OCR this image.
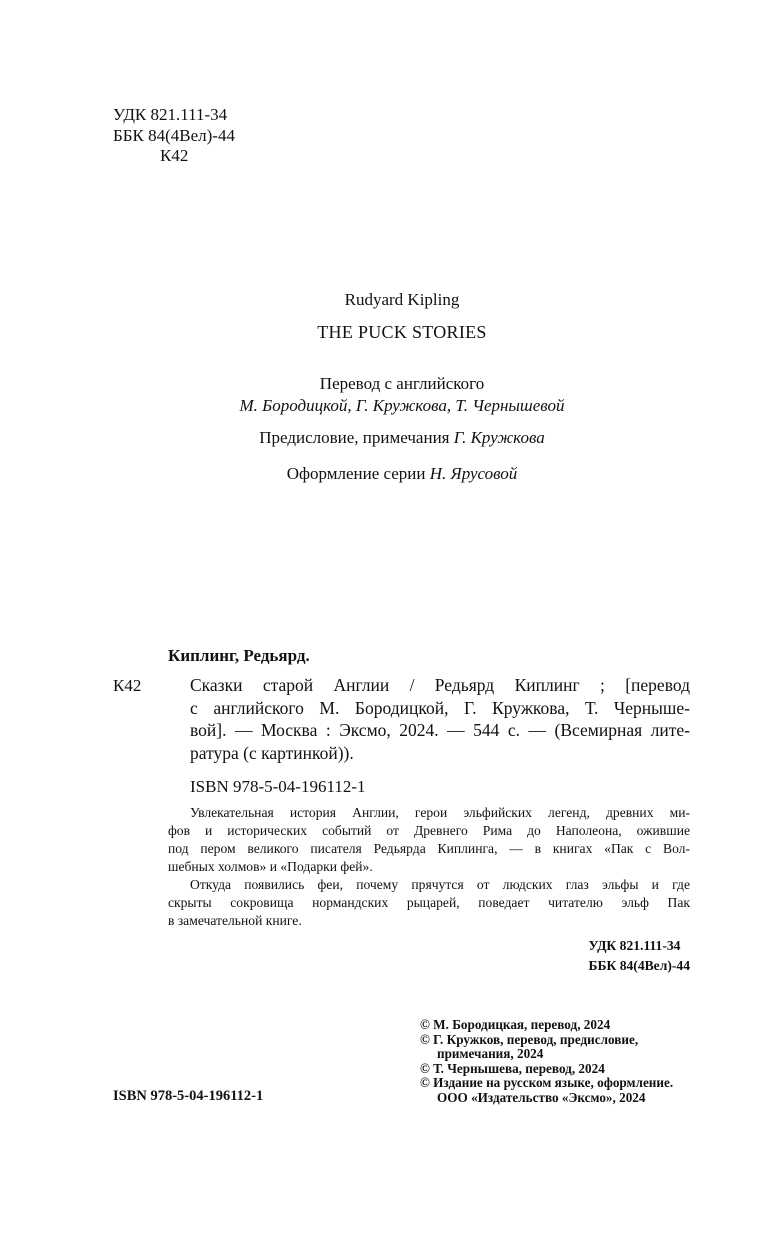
УДК 821.111-34
ББК 84(4Вел)-44
К42
Rudyard Kipling
THE PUCK STORIES
Перевод с английского
М. Бородицкой, Г. Кружкова, Т. Чернышевой
Предисловие, примечания Г. Кружкова
Оформление серии Н. Ярусовой
Киплинг, Редьярд.
К42	Сказки старой Англии / Редьярд Киплинг ; [перевод
с английского М. Бородицкой, Г. Кружкова, Т. Черныше-
вой]. — Москва : Эксмо, 2024. — 544 с. — (Всемирная лите-
ратура (с картинкой)).
ISBN 978-5-04-196112-1
Увлекательная история Англии, герои эльфийских легенд, древних ми-
фов и исторических событий от Древнего Рима до Наполеона, ожившие
под пером великого писателя Редьярда Киплинга, — в книгах «Пак с Вол-
шебных холмов» и «Подарки фей».
Откуда появились феи, почему прячутся от людских глаз эльфы и где
скрыты сокровища нормандских рыцарей, поведает читателю эльф Пак
в замечательной книге.
УДК 821.111-34
ББК 84(4Вел)-44
© М. Бородицкая, перевод, 2024
© Г. Кружков, перевод, предисловие,
примечания, 2024
© Т. Чернышева, перевод, 2024
© Издание на русском языке, оформление.
ООО «Издательство «Эксмо», 2024
ISBN 978-5-04-196112-1
